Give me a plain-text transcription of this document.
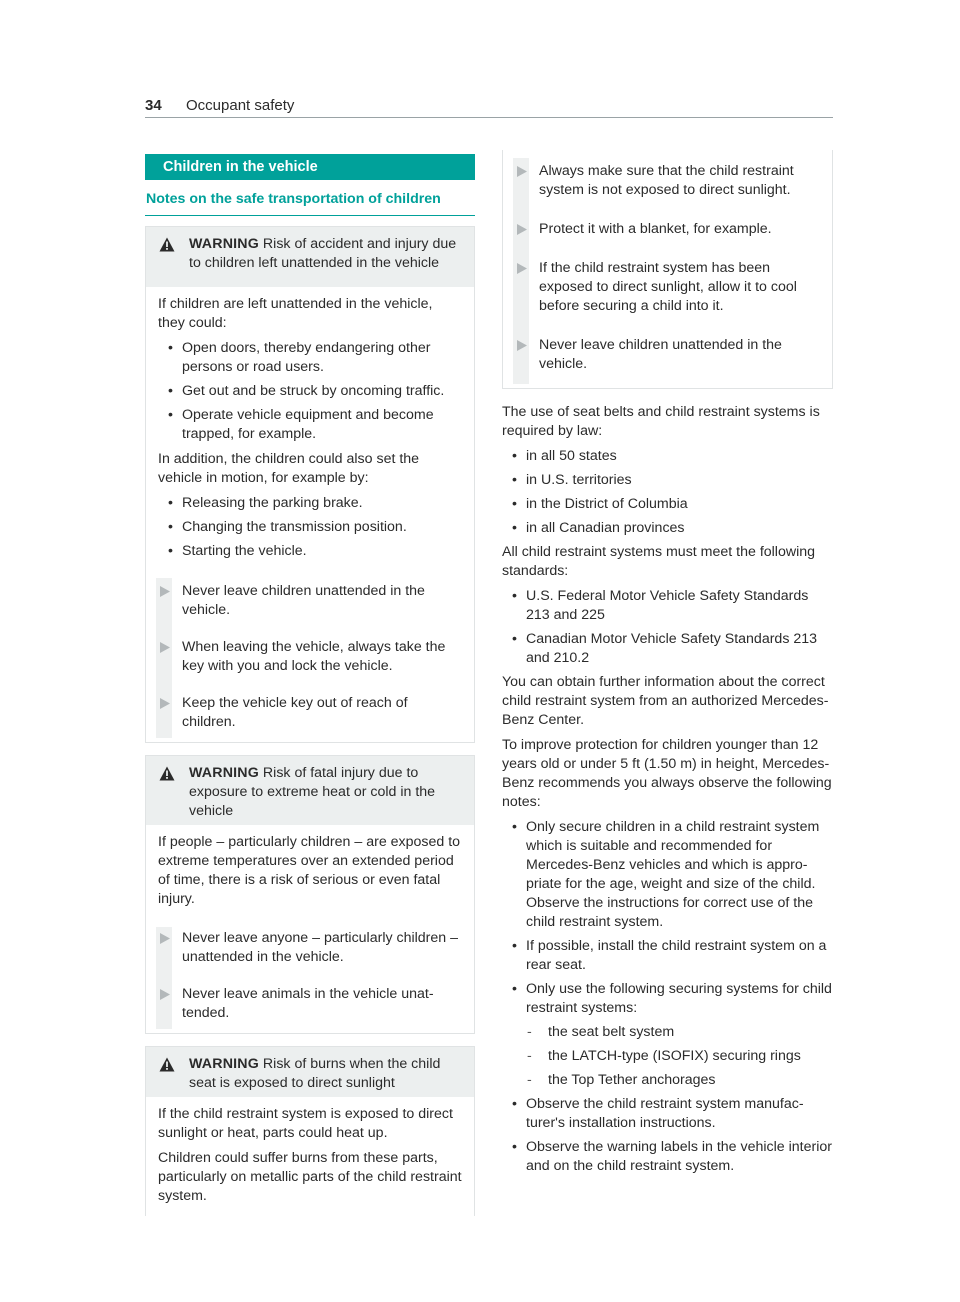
34 Occupant safety
Children in the vehicle
Notes on the safe transportation of children
WARNING Risk of accident and injury due to children left unattended in the vehicle

If children are left unattended in the vehicle, they could:

• Open doors, thereby endangering other persons or road users.
• Get out and be struck by oncoming traffic.
• Operate vehicle equipment and become trapped, for example.

In addition, the children could also set the vehicle in motion, for example by:

• Releasing the parking brake.
• Changing the transmission position.
• Starting the vehicle.
Never leave children unattended in the vehicle.
When leaving the vehicle, always take the key with you and lock the vehicle.
Keep the vehicle key out of reach of children.
WARNING Risk of fatal injury due to exposure to extreme heat or cold in the vehicle

If people – particularly children – are exposed to extreme temperatures over an extended period of time, there is a risk of serious or even fatal injury.

Never leave anyone – particularly children – unattended in the vehicle.
Never leave animals in the vehicle unattended.
WARNING Risk of burns when the child seat is exposed to direct sunlight

If the child restraint system is exposed to direct sunlight or heat, parts could heat up.

Children could suffer burns from these parts, particularly on metallic parts of the child restraint system.

Always make sure that the child restraint system is not exposed to direct sunlight.
Protect it with a blanket, for example.
If the child restraint system has been exposed to direct sunlight, allow it to cool before securing a child into it.
Never leave children unattended in the vehicle.

The use of seat belts and child restraint systems is required by law:

• in all 50 states
• in U.S. territories
• in the District of Columbia
• in all Canadian provinces

All child restraint systems must meet the following standards:

• U.S. Federal Motor Vehicle Safety Standards 213 and 225
• Canadian Motor Vehicle Safety Standards 213 and 210.2

You can obtain further information about the correct child restraint system from an authorized Mercedes-Benz Center.

To improve protection for children younger than 12 years old or under 5 ft (1.50 m) in height, Mercedes-Benz recommends you always observe the following notes:

• Only secure children in a child restraint system which is suitable and recommended for Mercedes-Benz vehicles and which is appropriate for the age, weight and size of the child. Observe the instructions for correct use of the child restraint system.
• If possible, install the child restraint system on a rear seat.
• Only use the following securing systems for child restraint systems:
- the seat belt system
- the LATCH-type (ISOFIX) securing rings
- the Top Tether anchorages
• Observe the child restraint system manufacturer's installation instructions.
• Observe the warning labels in the vehicle interior and on the child restraint system.
